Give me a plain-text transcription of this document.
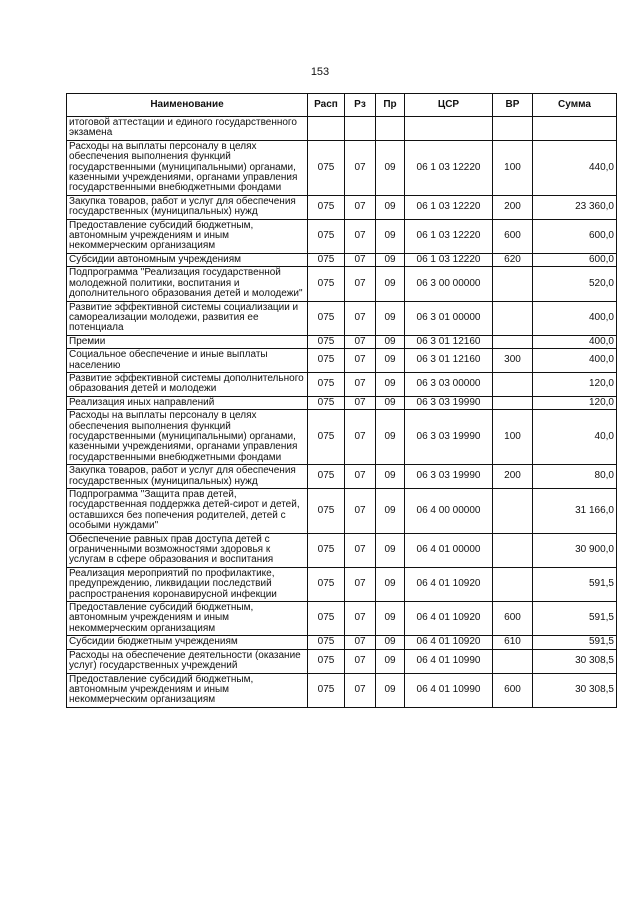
153
Наименование	Расп	Рз	Пр	ЦСР	ВР	Сумма
итоговой аттестации и единого государственного экзамена						
Расходы на выплаты персоналу в целях обеспечения выполнения функций государственными (муниципальными) органами, казенными учреждениями, органами управления государственными внебюджетными фондами	075	07	09	06 1 03 12220	100	440,0
Закупка товаров, работ и услуг для обеспечения государственных (муниципальных) нужд	075	07	09	06 1 03 12220	200	23 360,0
Предоставление субсидий бюджетным, автономным учреждениям и иным некоммерческим организациям	075	07	09	06 1 03 12220	600	600,0
Субсидии автономным учреждениям	075	07	09	06 1 03 12220	620	600,0
Подпрограмма "Реализация государственной молодежной политики, воспитания и дополнительного образования детей и молодежи"	075	07	09	06 3 00 00000		520,0
Развитие эффективной системы социализации и самореализации молодежи, развития ее потенциала	075	07	09	06 3 01 00000		400,0
Премии	075	07	09	06 3 01 12160		400,0
Социальное обеспечение и иные выплаты населению	075	07	09	06 3 01 12160	300	400,0
Развитие эффективной системы дополнительного образования детей и молодежи	075	07	09	06 3 03 00000		120,0
Реализация иных направлений	075	07	09	06 3 03 19990		120,0
Расходы на выплаты персоналу в целях обеспечения выполнения функций государственными (муниципальными) органами, казенными учреждениями, органами управления государственными внебюджетными фондами	075	07	09	06 3 03 19990	100	40,0
Закупка товаров, работ и услуг для обеспечения государственных (муниципальных) нужд	075	07	09	06 3 03 19990	200	80,0
Подпрограмма "Защита прав детей, государственная поддержка детей-сирот и детей, оставшихся без попечения родителей, детей с особыми нуждами"	075	07	09	06 4 00 00000		31 166,0
Обеспечение равных прав доступа детей с ограниченными возможностями здоровья к услугам в сфере образования и воспитания	075	07	09	06 4 01 00000		30 900,0
Реализация мероприятий по профилактике, предупреждению, ликвидации последствий распространения коронавирусной инфекции	075	07	09	06 4 01 10920		591,5
Предоставление субсидий бюджетным, автономным учреждениям и иным некоммерческим организациям	075	07	09	06 4 01 10920	600	591,5
Субсидии бюджетным учреждениям	075	07	09	06 4 01 10920	610	591,5
Расходы на обеспечение деятельности (оказание услуг) государственных учреждений	075	07	09	06 4 01 10990		30 308,5
Предоставление субсидий бюджетным, автономным учреждениям и иным некоммерческим организациям	075	07	09	06 4 01 10990	600	30 308,5
